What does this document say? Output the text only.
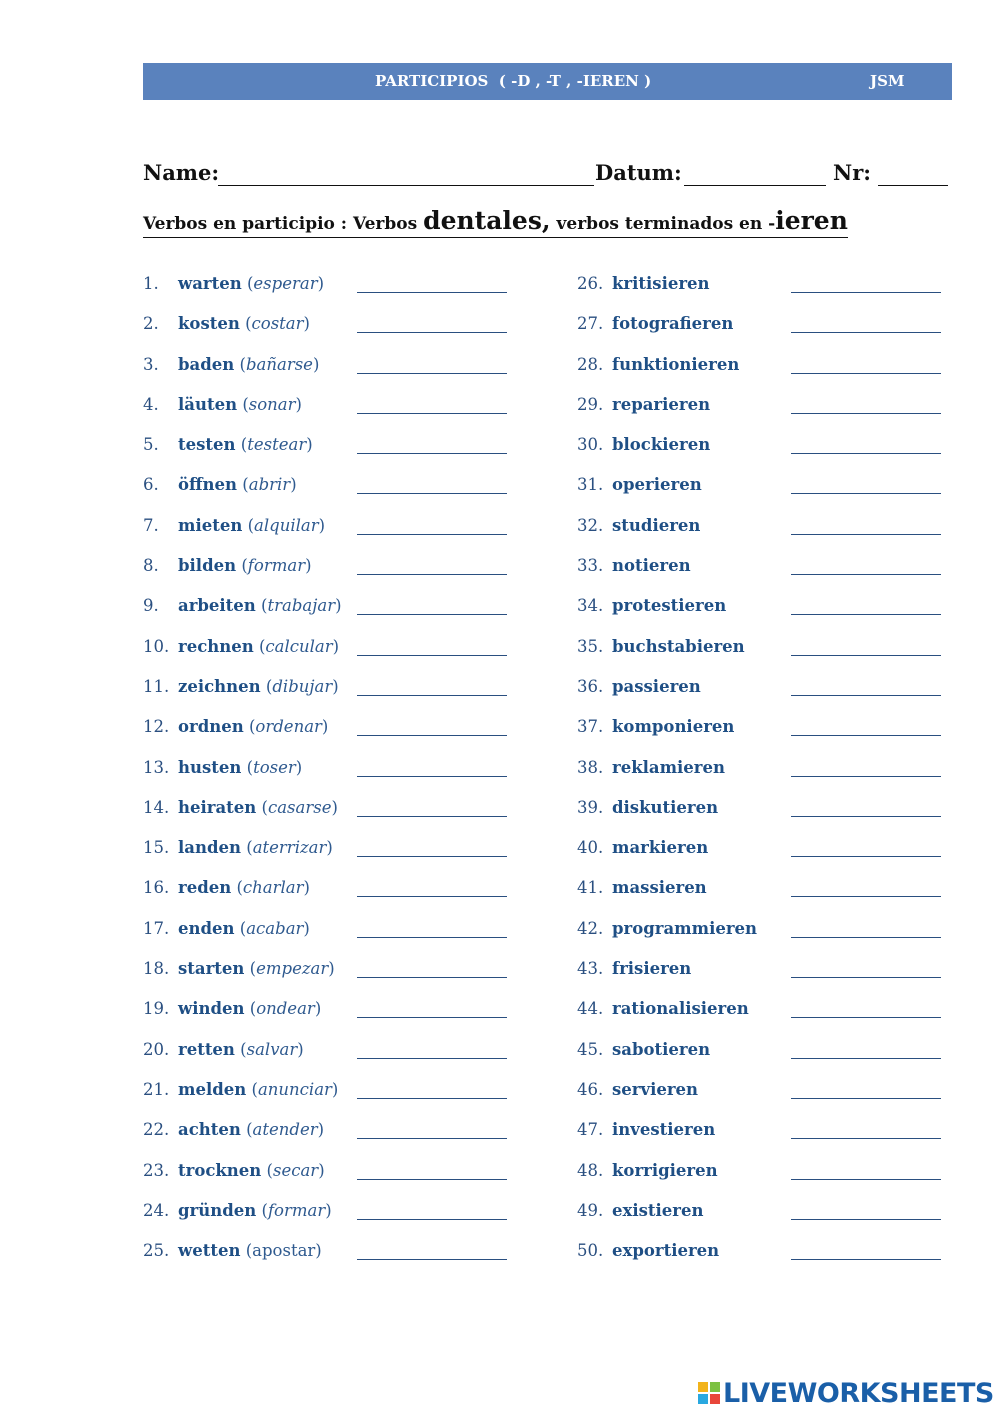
PARTICIPIOS  ( -D , -T , -IEREN )	JSM
Name:	Datum:	Nr:
Verbos en participio : Verbos dentales, verbos terminados en -ieren
1. warten (esperar)
2. kosten (costar)
3. baden (bañarse)
4. läuten (sonar)
5. testen (testear)
6. öffnen (abrir)
7. mieten (alquilar)
8. bilden (formar)
9. arbeiten (trabajar)
10. rechnen (calcular)
11. zeichnen (dibujar)
12. ordnen (ordenar)
13. husten (toser)
14. heiraten (casarse)
15. landen (aterrizar)
16. reden (charlar)
17. enden (acabar)
18. starten (empezar)
19. winden (ondear)
20. retten (salvar)
21. melden (anunciar)
22. achten (atender)
23. trocknen (secar)
24. gründen (formar)
25. wetten (apostar)
26. kritisieren
27. fotografieren
28. funktionieren
29. reparieren
30. blockieren
31. operieren
32. studieren
33. notieren
34. protestieren
35. buchstabieren
36. passieren
37. komponieren
38. reklamieren
39. diskutieren
40. markieren
41. massieren
42. programmieren
43. frisieren
44. rationalisieren
45. sabotieren
46. servieren
47. investieren
48. korrigieren
49. existieren
50. exportieren
LIVEWORKSHEETS
